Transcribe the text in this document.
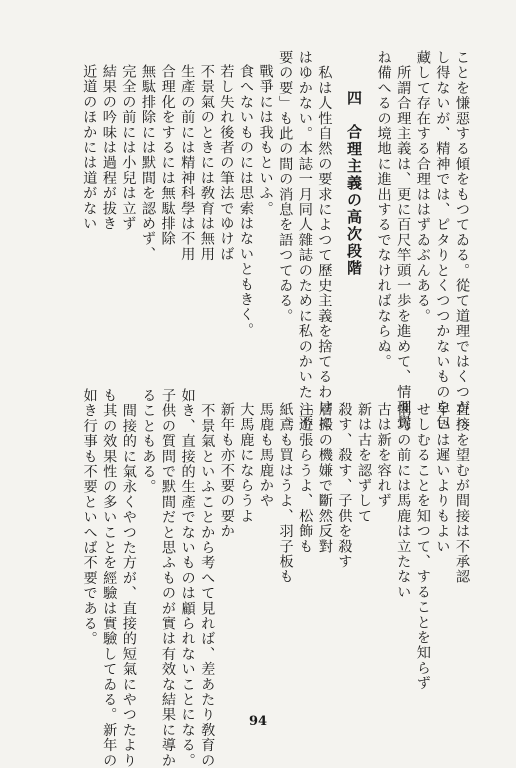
ことを慊惡する傾をもつてゐる。從て道理ではくつがへ
し得ないが、精神では、ピタりとくつつかないものを包
藏して存在する合理ははずゐぶんある。
　所謂合理主義は、更に百尺竿頭一歩を進めて、情理覺
ね備へるの境地に進出するでなければならぬ。
四　合理主義の高次段階
　私は人性自然の要求によつて歷史主義を捨てるわけに
はゆかない。本誌一月同人雜誌のために私のかいた「不
要の要」も此の間の消息を語つてゐる。
戰爭には我もといふ。
食へないものには思索はないともきく。
若し失れ後者の筆法でゆけば
不景氣のときには敎育は無用
生產の前には精神科學は不用
合理化をするには無駄排除
無駄排除には默間を認めず、
完全の前には小兒は立ず
結果の吟味は過程が拔き
近道のほかには道がない
直接を望むが間接は不承認
早いは遲いよりもよい
せしむることを知つて、することを知らず
悧巧の前には馬鹿は立たない
古は新を容れず
新は古を認ずして
殺す、殺す、子供を殺す
層搬の機嫌で斷然反對
注遊張らうよ、松飾も
紙鳶も買はうよ、羽子板も
馬鹿も馬鹿かや
大馬鹿にならうよ
新年も亦不要の要か
　不景氣といふことから考へて見れば、差あたり敎育の
如き、直接的生產でないものは顧られないことになる。
子供の質問で默間だと思ふものが實は有效な結果に導か
ることもある。
　間接的に氣永くやつた方が、直接的短氣にやつたより
も其の效果性の多いことを經驗は實驗してゐる。新年の
如き行事も不要といへば不要である。
94
